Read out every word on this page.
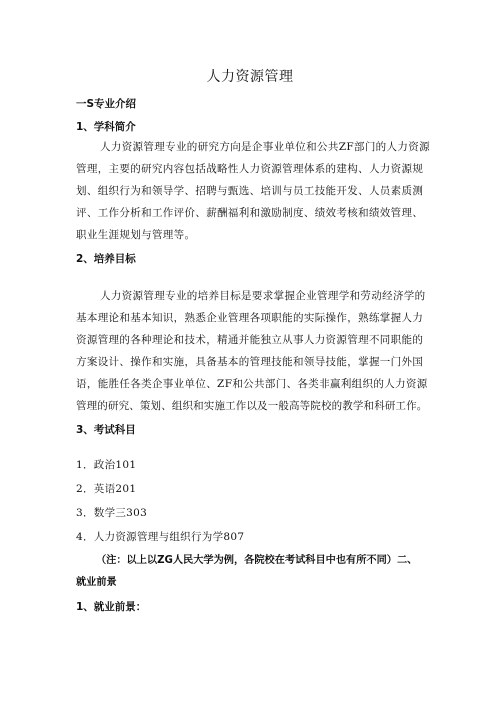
人力资源管理
一S专业介绍
1、学科简介
人力资源管理专业的研究方向是企事业单位和公共ZF部门的人力资源
管理，主要的研究内容包括战略性人力资源管理体系的建构、人力资源规
划、组织行为和领导学、招聘与甄选、培训与员工技能开发、人员素质测
评、工作分析和工作评价、薪酬福利和激励制度、绩效考核和绩效管理、
职业生涯规划与管理等。
2、培养目标
人力资源管理专业的培养目标是要求掌握企业管理学和劳动经济学的
基本理论和基本知识，熟悉企业管理各项职能的实际操作，熟练掌握人力
资源管理的各种理论和技术，精通并能独立从事人力资源管理不同职能的
方案设计、操作和实施，具备基本的管理技能和领导技能，掌握一门外国
语，能胜任各类企事业单位、ZF和公共部门、各类非赢利组织的人力资源
管理的研究、策划、组织和实施工作以及一般高等院校的教学和科研工作。
3、考试科目
1．政治101
2．英语201
3．数学三303
4．人力资源管理与组织行为学807
（注：以上以ZG人民大学为例，各院校在考试科目中也有所不同）二、
就业前景
1、就业前景：
